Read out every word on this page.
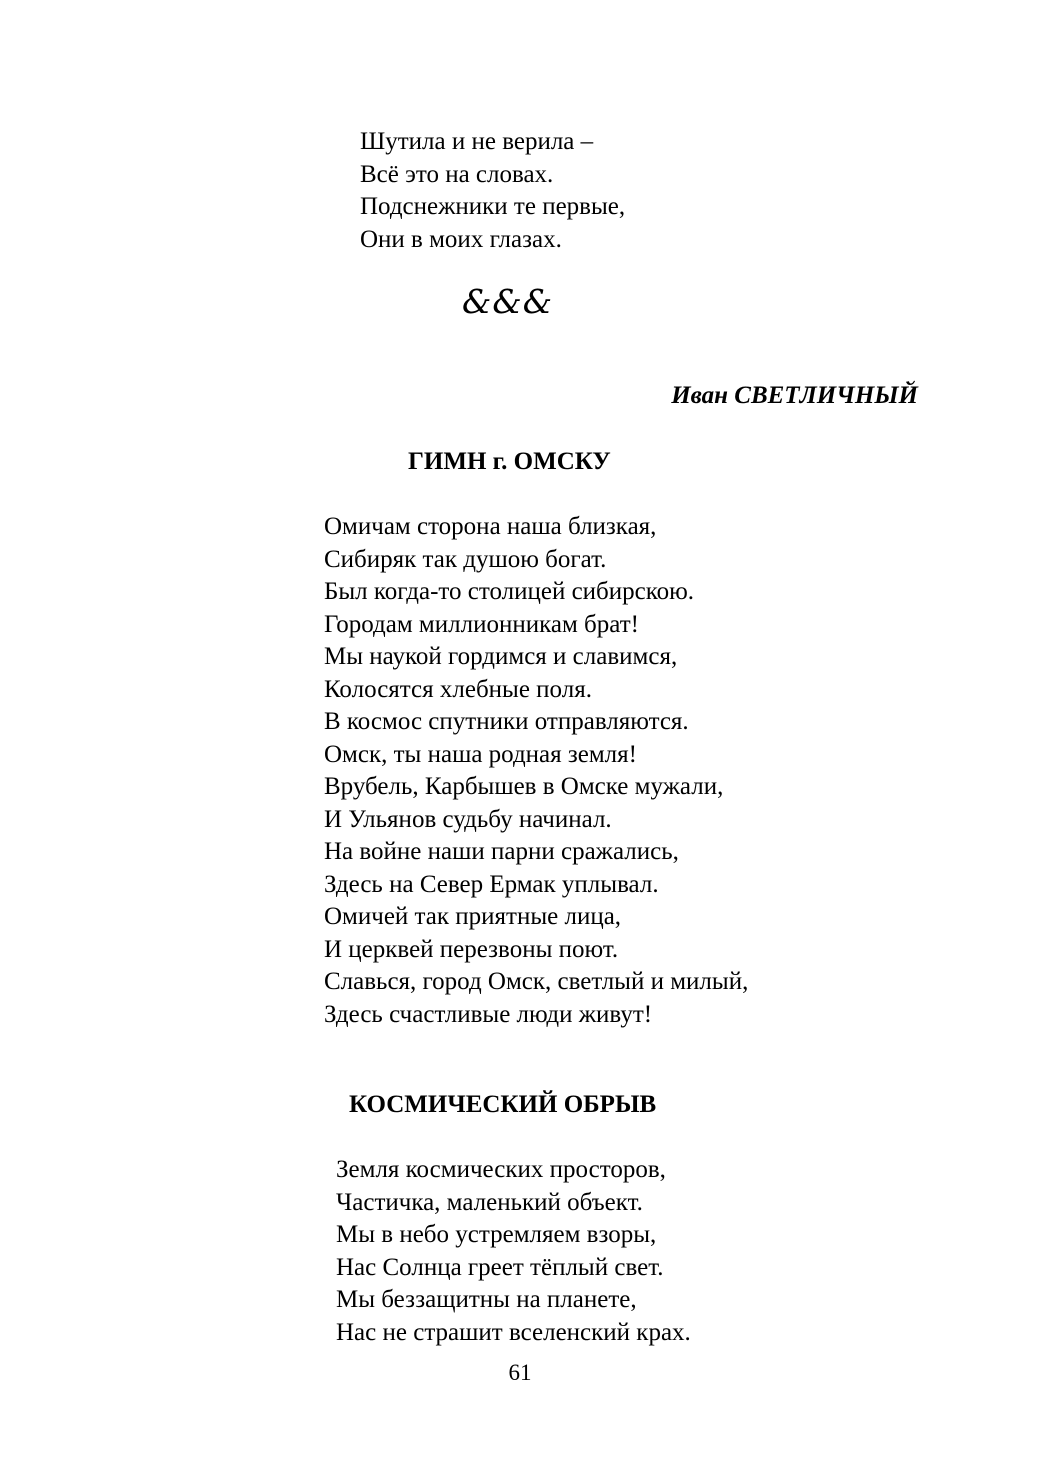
Шутила и не верила –
Всё это на словах.
Подснежники те первые,
Они в моих глазах.
&&&
Иван СВЕТЛИЧНЫЙ
ГИМН г. ОМСКУ
Омичам сторона наша близкая,
Сибиряк так душою богат.
Был когда-то столицей сибирскою.
Городам миллионникам брат!
Мы наукой гордимся и славимся,
Колосятся хлебные поля.
В космос спутники отправляются.
Омск, ты наша родная земля!
Врубель, Карбышев в Омске мужали,
И Ульянов судьбу начинал.
На войне наши парни сражались,
Здесь на Север Ермак уплывал.
Омичей так приятные лица,
И церквей перезвоны поют.
Славься, город Омск, светлый и милый,
Здесь счастливые люди живут!
КОСМИЧЕСКИЙ ОБРЫВ
Земля космических просторов,
Частичка, маленький объект.
Мы в небо устремляем взоры,
Нас Солнца греет тёплый свет.
Мы беззащитны на планете,
Нас не страшит вселенский крах.
61
